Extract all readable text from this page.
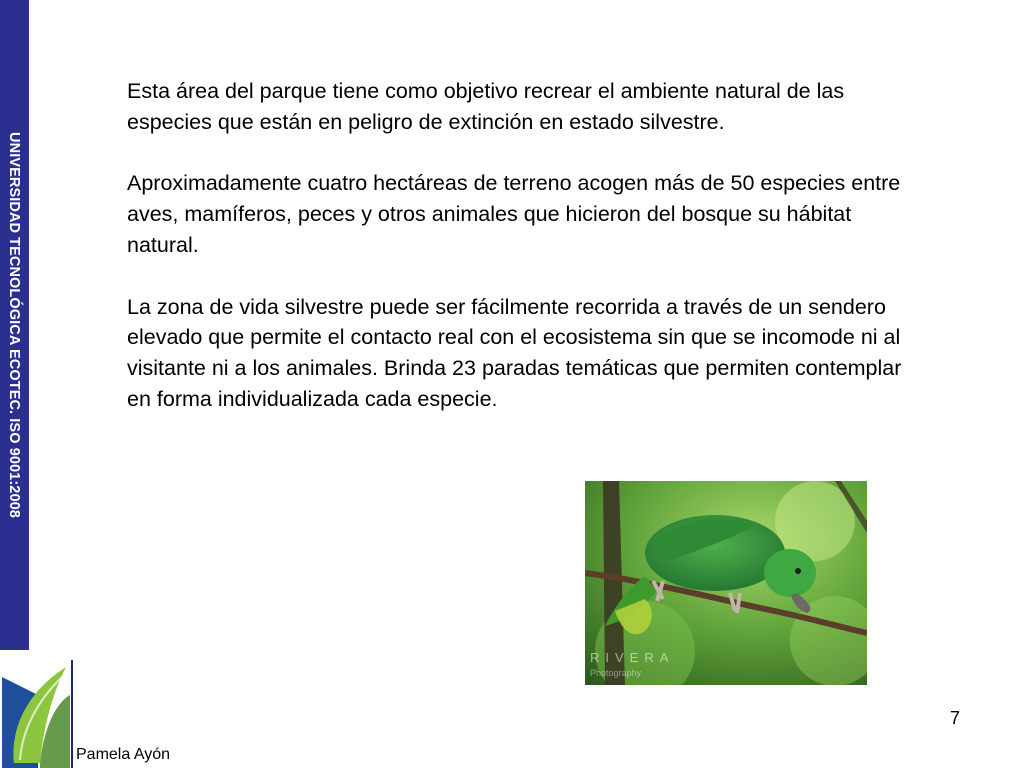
UNIVERSIDAD TECNOLÓGICA ECOTEC. ISO 9001:2008
Pamela Ayón

Esta área del parque tiene como objetivo recrear el ambiente natural de las especies que están en peligro de extinción en estado silvestre.

Aproximadamente cuatro hectáreas de terreno acogen más de 50 especies entre aves, mamíferos, peces y otros animales que hicieron del bosque su hábitat natural.

La zona de vida silvestre puede ser fácilmente recorrida a través de un sendero elevado que permite el contacto real con el ecosistema sin que se incomode ni al visitante ni a los animales. Brinda 23 paradas temáticas que permiten contemplar en forma individualizada cada especie.

RIVERA
Photography
7
